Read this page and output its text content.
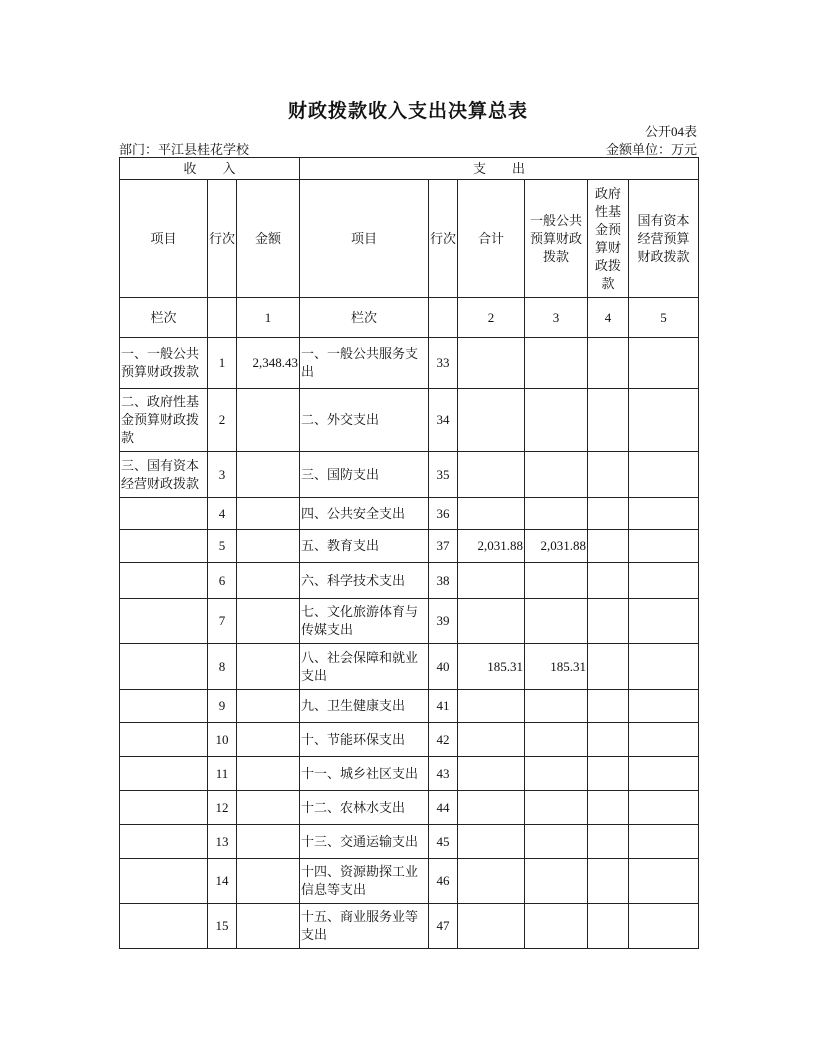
财政拨款收入支出决算总表
公开04表
部门：平江县桂花学校	金额单位：万元
收　　入			支　　出					
项目	行次	金额	项目	行次	合计	一般公共预算财政拨款	政府性基金预算财政拨款	国有资本经营预算财政拨款
栏次		1	栏次		2	3	4	5
一、一般公共预算财政拨款	1	2,348.43	一、一般公共服务支出	33				
二、政府性基金预算财政拨款	2		二、外交支出	34				
三、国有资本经营财政拨款	3		三、国防支出	35				
	4		四、公共安全支出	36				
	5		五、教育支出	37	2,031.88	2,031.88		
	6		六、科学技术支出	38				
	7		七、文化旅游体育与传媒支出	39				
	8		八、社会保障和就业支出	40	185.31	185.31		
	9		九、卫生健康支出	41				
	10		十、节能环保支出	42				
	11		十一、城乡社区支出	43				
	12		十二、农林水支出	44				
	13		十三、交通运输支出	45				
	14		十四、资源勘探工业信息等支出	46				
	15		十五、商业服务业等支出	47				
